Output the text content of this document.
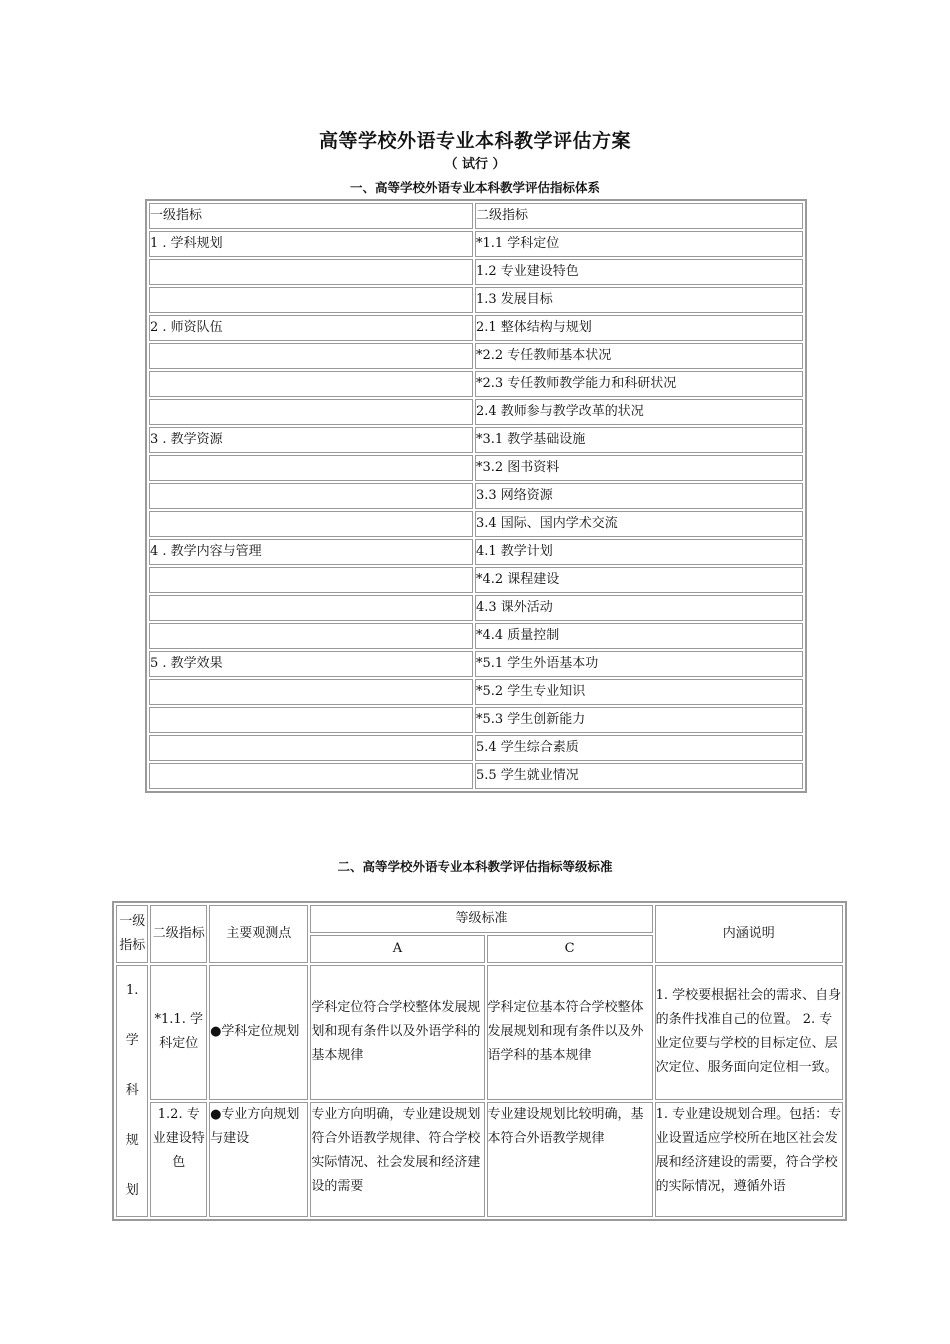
高等学校外语专业本科教学评估方案
（ 试行 ）
一、高等学校外语专业本科教学评估指标体系
一级指标	二级指标
1 . 学科规划	*1.1 学科定位
	1.2 专业建设特色
	1.3 发展目标
2 . 师资队伍	2.1 整体结构与规划
	*2.2 专任教师基本状况
	*2.3 专任教师教学能力和科研状况
	2.4 教师参与教学改革的状况
3 . 教学资源	*3.1 教学基础设施
	*3.2 图书资料
	3.3 网络资源
	3.4 国际、国内学术交流
4 . 教学内容与管理	4.1 教学计划
	*4.2 课程建设
	4.3 课外活动
	*4.4 质量控制
5 . 教学效果	*5.1 学生外语基本功
	*5.2 学生专业知识
	*5.3 学生创新能力
	5.4 学生综合素质
	5.5 学生就业情况
二、高等学校外语专业本科教学评估指标等级标准
一级指标	二级指标	主要观测点	等级标准		内涵说明
			A	C	

1.
学
科
规
划	*1.1. 学科定位	●学科定位规划	学科定位符合学校整体发展规划和现有条件以及外语学科的基本规律	学科定位基本符合学校整体发展规划和现有条件以及外语学科的基本规律	1. 学校要根据社会的需求、自身的条件找准自己的位置。 2. 专业定位要与学校的目标定位、层次定位、服务面向定位相一致。
	1.2. 专业建设特色	●专业方向规划与建设	专业方向明确，专业建设规划符合外语教学规律、符合学校实际情况、社会发展和经济建设的需要	专业建设规划比较明确，基本符合外语教学规律	1. 专业建设规划合理。包括：专业设置适应学校所在地区社会发展和经济建设的需要，符合学校的实际情况，遵循外语
